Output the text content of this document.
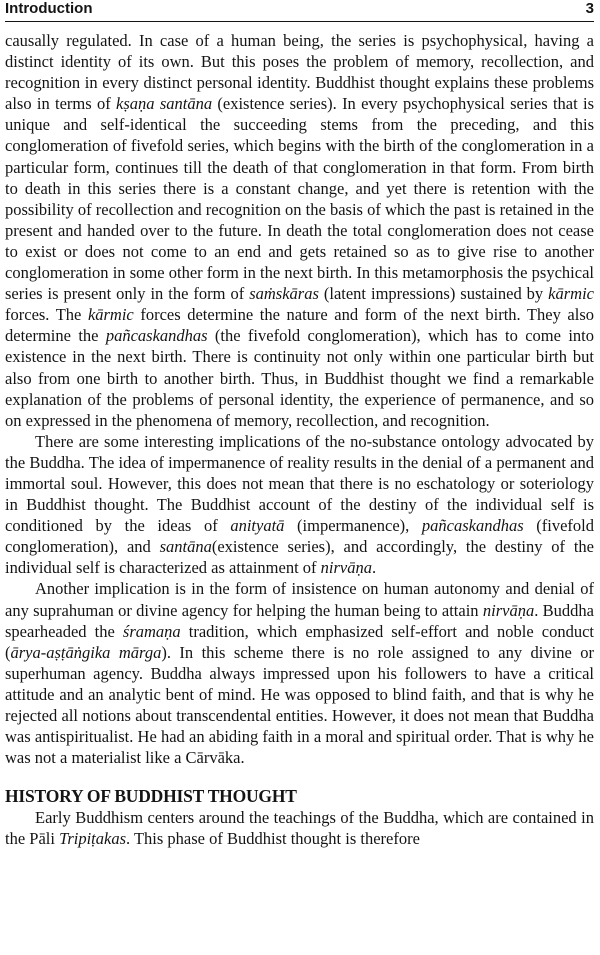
Introduction	3

causally regulated. In case of a human being, the series is psychophysical, having a distinct identity of its own. But this poses the problem of memory, recollection, and recognition in every distinct personal identity. Buddhist thought explains these problems also in terms of kṣaṇa santāna (existence series). In every psychophysical series that is unique and self-identical the succeeding stems from the preceding, and this conglomeration of fivefold series, which begins with the birth of the conglomeration in a particular form, continues till the death of that conglomeration in that form. From birth to death in this series there is a constant change, and yet there is retention with the possibility of recollection and recognition on the basis of which the past is retained in the present and handed over to the future. In death the total conglomeration does not cease to exist or does not come to an end and gets retained so as to give rise to another conglomeration in some other form in the next birth. In this metamorphosis the psychical series is present only in the form of saṁskāras (latent impressions) sustained by kārmic forces. The kārmic forces determine the nature and form of the next birth. They also determine the pañcaskandhas (the fivefold conglomeration), which has to come into existence in the next birth. There is continuity not only within one particular birth but also from one birth to another birth. Thus, in Buddhist thought we find a remarkable explanation of the problems of personal identity, the experience of permanence, and so on expressed in the phenomena of memory, recollection, and recognition.

There are some interesting implications of the no-substance ontology advocated by the Buddha. The idea of impermanence of reality results in the denial of a permanent and immortal soul. However, this does not mean that there is no eschatology or soteriology in Buddhist thought. The Buddhist account of the destiny of the individual self is conditioned by the ideas of anityatā (impermanence), pañcaskandhas (fivefold conglomeration), and santāna(existence series), and accordingly, the destiny of the individual self is characterized as attainment of nirvāṇa.

Another implication is in the form of insistence on human autonomy and denial of any suprahuman or divine agency for helping the human being to attain nirvāṇa. Buddha spearheaded the śramaṇa tradition, which emphasized self-effort and noble conduct (ārya-aṣṭāṅgika mārga). In this scheme there is no role assigned to any divine or superhuman agency. Buddha always impressed upon his followers to have a critical attitude and an analytic bent of mind. He was opposed to blind faith, and that is why he rejected all notions about transcendental entities. However, it does not mean that Buddha was antispiritualist. He had an abiding faith in a moral and spiritual order. That is why he was not a materialist like a Cārvāka.

HISTORY OF BUDDHIST THOUGHT

Early Buddhism centers around the teachings of the Buddha, which are contained in the Pāli Tripiṭakas. This phase of Buddhist thought is therefore
